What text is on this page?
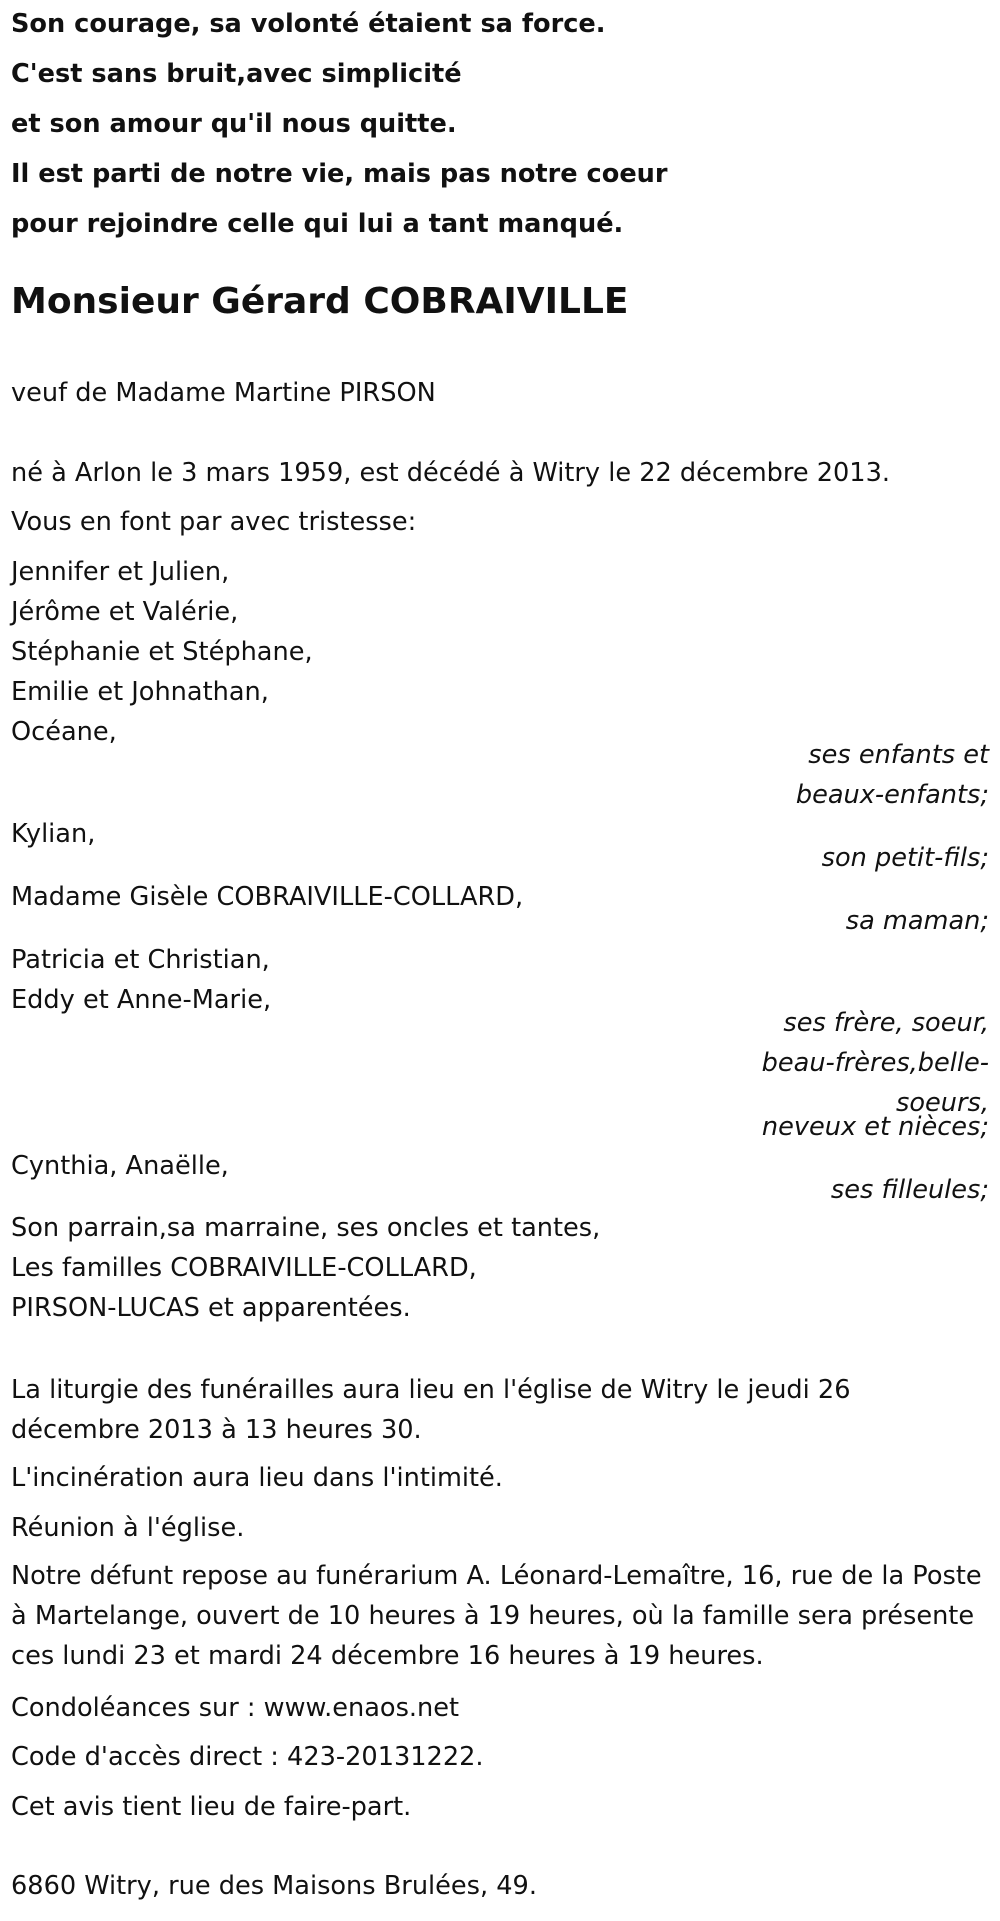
Son courage, sa volonté étaient sa force.
C'est sans bruit,avec simplicité
et son amour qu'il nous quitte.
Il est parti de notre vie, mais pas notre coeur
pour rejoindre celle qui lui a tant manqué.
Monsieur Gérard COBRAIVILLE
veuf de Madame Martine PIRSON
né à Arlon le 3 mars 1959, est décédé à Witry le 22 décembre 2013.
Vous en font par avec tristesse:
Jennifer et Julien,
Jérôme et Valérie,
Stéphanie et Stéphane,
Emilie et Johnathan,
Océane,
ses enfants et
beaux-enfants;
Kylian,
son petit-fils;
Madame Gisèle COBRAIVILLE-COLLARD,
sa maman;
Patricia et Christian,
Eddy et Anne-Marie,
ses frère, soeur,
beau-frères,belle-
soeurs,
neveux et nièces;
Cynthia, Anaëlle,
ses filleules;
Son parrain,sa marraine, ses oncles et tantes,
Les familles COBRAIVILLE-COLLARD,
PIRSON-LUCAS et apparentées.
La liturgie des funérailles aura lieu en l'église de Witry le jeudi 26 décembre 2013 à 13 heures 30.
L'incinération aura lieu dans l'intimité.
Réunion à l'église.
Notre défunt repose au funérarium A. Léonard-Lemaître, 16, rue de la Poste à Martelange, ouvert de 10 heures à 19 heures, où la famille sera présente ces lundi 23 et mardi 24 décembre 16 heures à 19 heures.
Condoléances sur : www.enaos.net
Code d'accès direct : 423-20131222.
Cet avis tient lieu de faire-part.
6860 Witry, rue des Maisons Brulées, 49.
